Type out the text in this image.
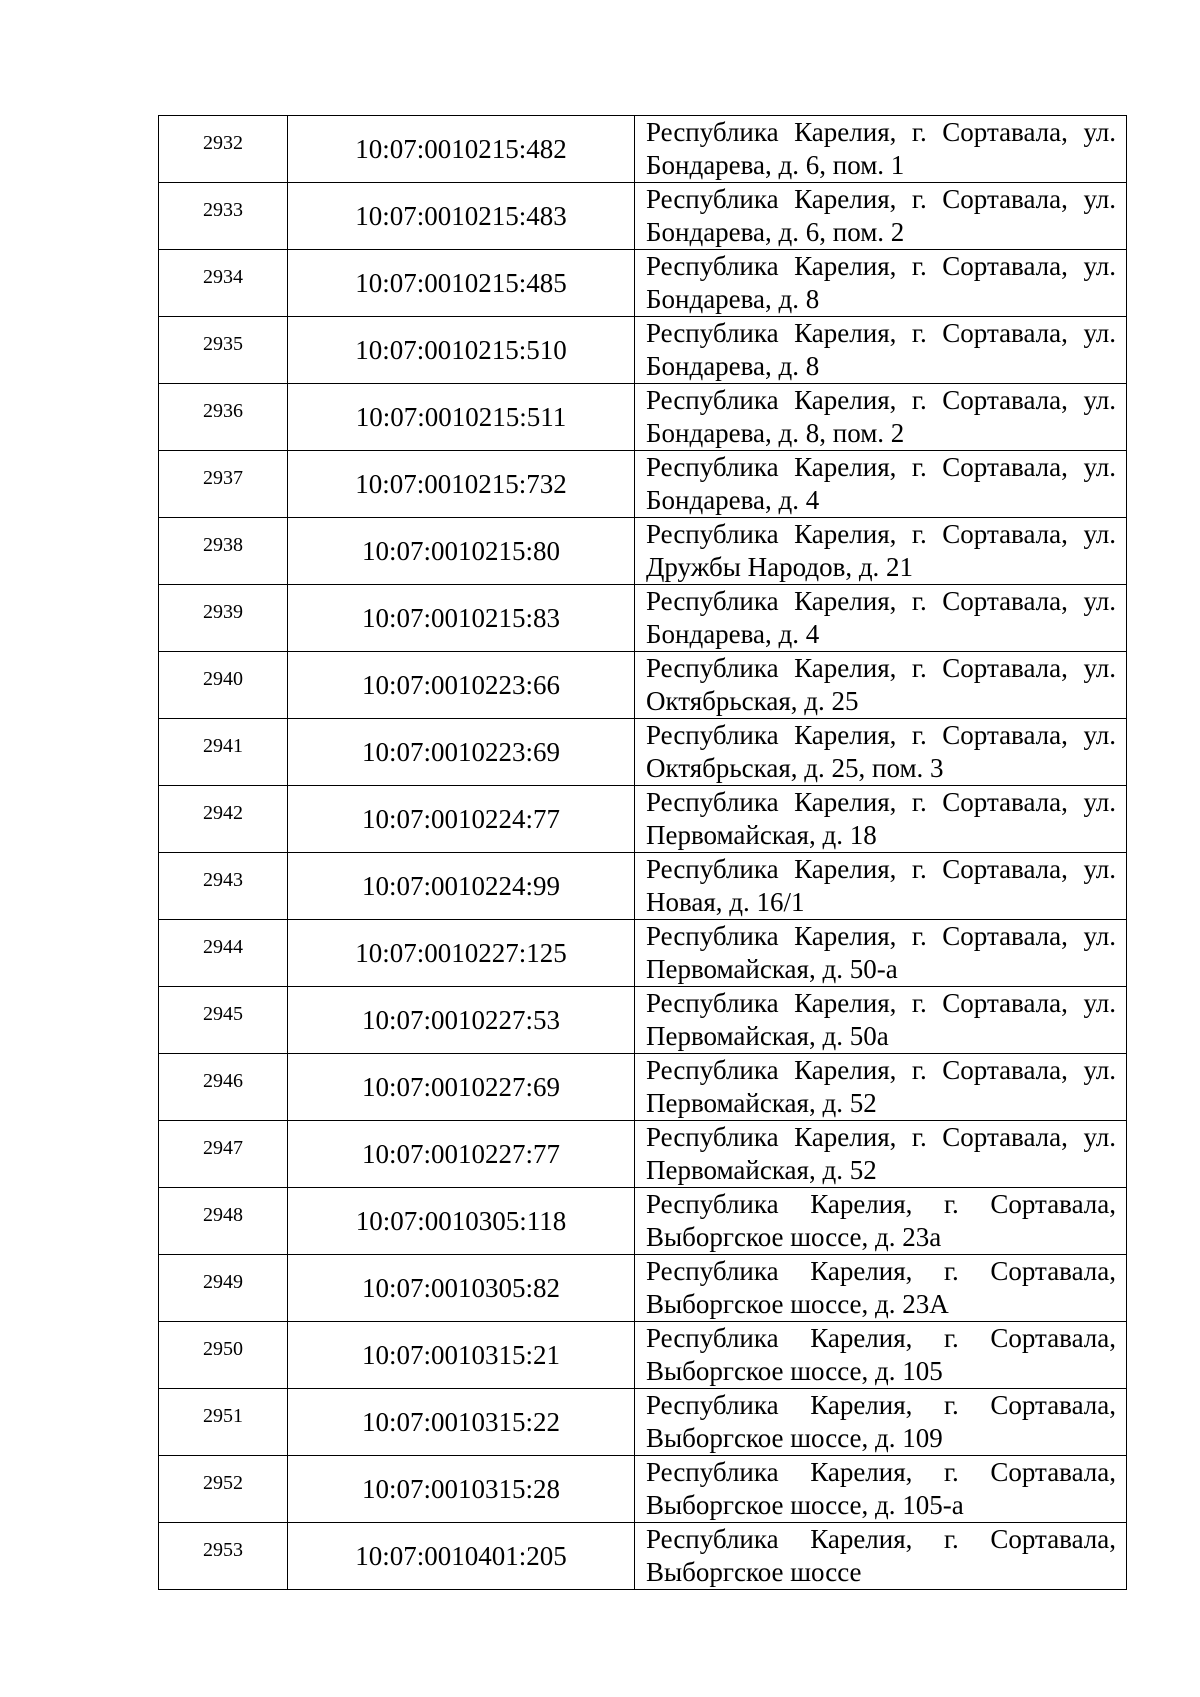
2932	10:07:0010215:482	Республика Карелия, г. Сортавала, ул.
Бондарева, д. 6, пом. 1

2933	10:07:0010215:483	Республика Карелия, г. Сортавала, ул.
Бондарева, д. 6, пом. 2

2934	10:07:0010215:485	Республика Карелия, г. Сортавала, ул.
Бондарева, д. 8

2935	10:07:0010215:510	Республика Карелия, г. Сортавала, ул.
Бондарева, д. 8

2936	10:07:0010215:511	Республика Карелия, г. Сортавала, ул.
Бондарева, д. 8, пом. 2

2937	10:07:0010215:732	Республика Карелия, г. Сортавала, ул.
Бондарева, д. 4

2938	10:07:0010215:80	Республика Карелия, г. Сортавала, ул.
Дружбы Народов, д. 21

2939	10:07:0010215:83	Республика Карелия, г. Сортавала, ул.
Бондарева, д. 4

2940	10:07:0010223:66	Республика Карелия, г. Сортавала, ул.
Октябрьская, д. 25

2941	10:07:0010223:69	Республика Карелия, г. Сортавала, ул.
Октябрьская, д. 25, пом. 3

2942	10:07:0010224:77	Республика Карелия, г. Сортавала, ул.
Первомайская, д. 18

2943	10:07:0010224:99	Республика Карелия, г. Сортавала, ул.
Новая, д. 16/1

2944	10:07:0010227:125	Республика Карелия, г. Сортавала, ул.
Первомайская, д. 50-а

2945	10:07:0010227:53	Республика Карелия, г. Сортавала, ул.
Первомайская, д. 50а

2946	10:07:0010227:69	Республика Карелия, г. Сортавала, ул.
Первомайская, д. 52

2947	10:07:0010227:77	Республика Карелия, г. Сортавала, ул.
Первомайская, д. 52

2948	10:07:0010305:118	Республика Карелия, г. Сортавала,
Выборгское шоссе, д. 23а

2949	10:07:0010305:82	Республика Карелия, г. Сортавала,
Выборгское шоссе, д. 23А

2950	10:07:0010315:21	Республика Карелия, г. Сортавала,
Выборгское шоссе, д. 105

2951	10:07:0010315:22	Республика Карелия, г. Сортавала,
Выборгское шоссе, д. 109

2952	10:07:0010315:28	Республика Карелия, г. Сортавала,
Выборгское шоссе, д. 105-а

2953	10:07:0010401:205	Республика Карелия, г. Сортавала,
Выборгское шоссе
